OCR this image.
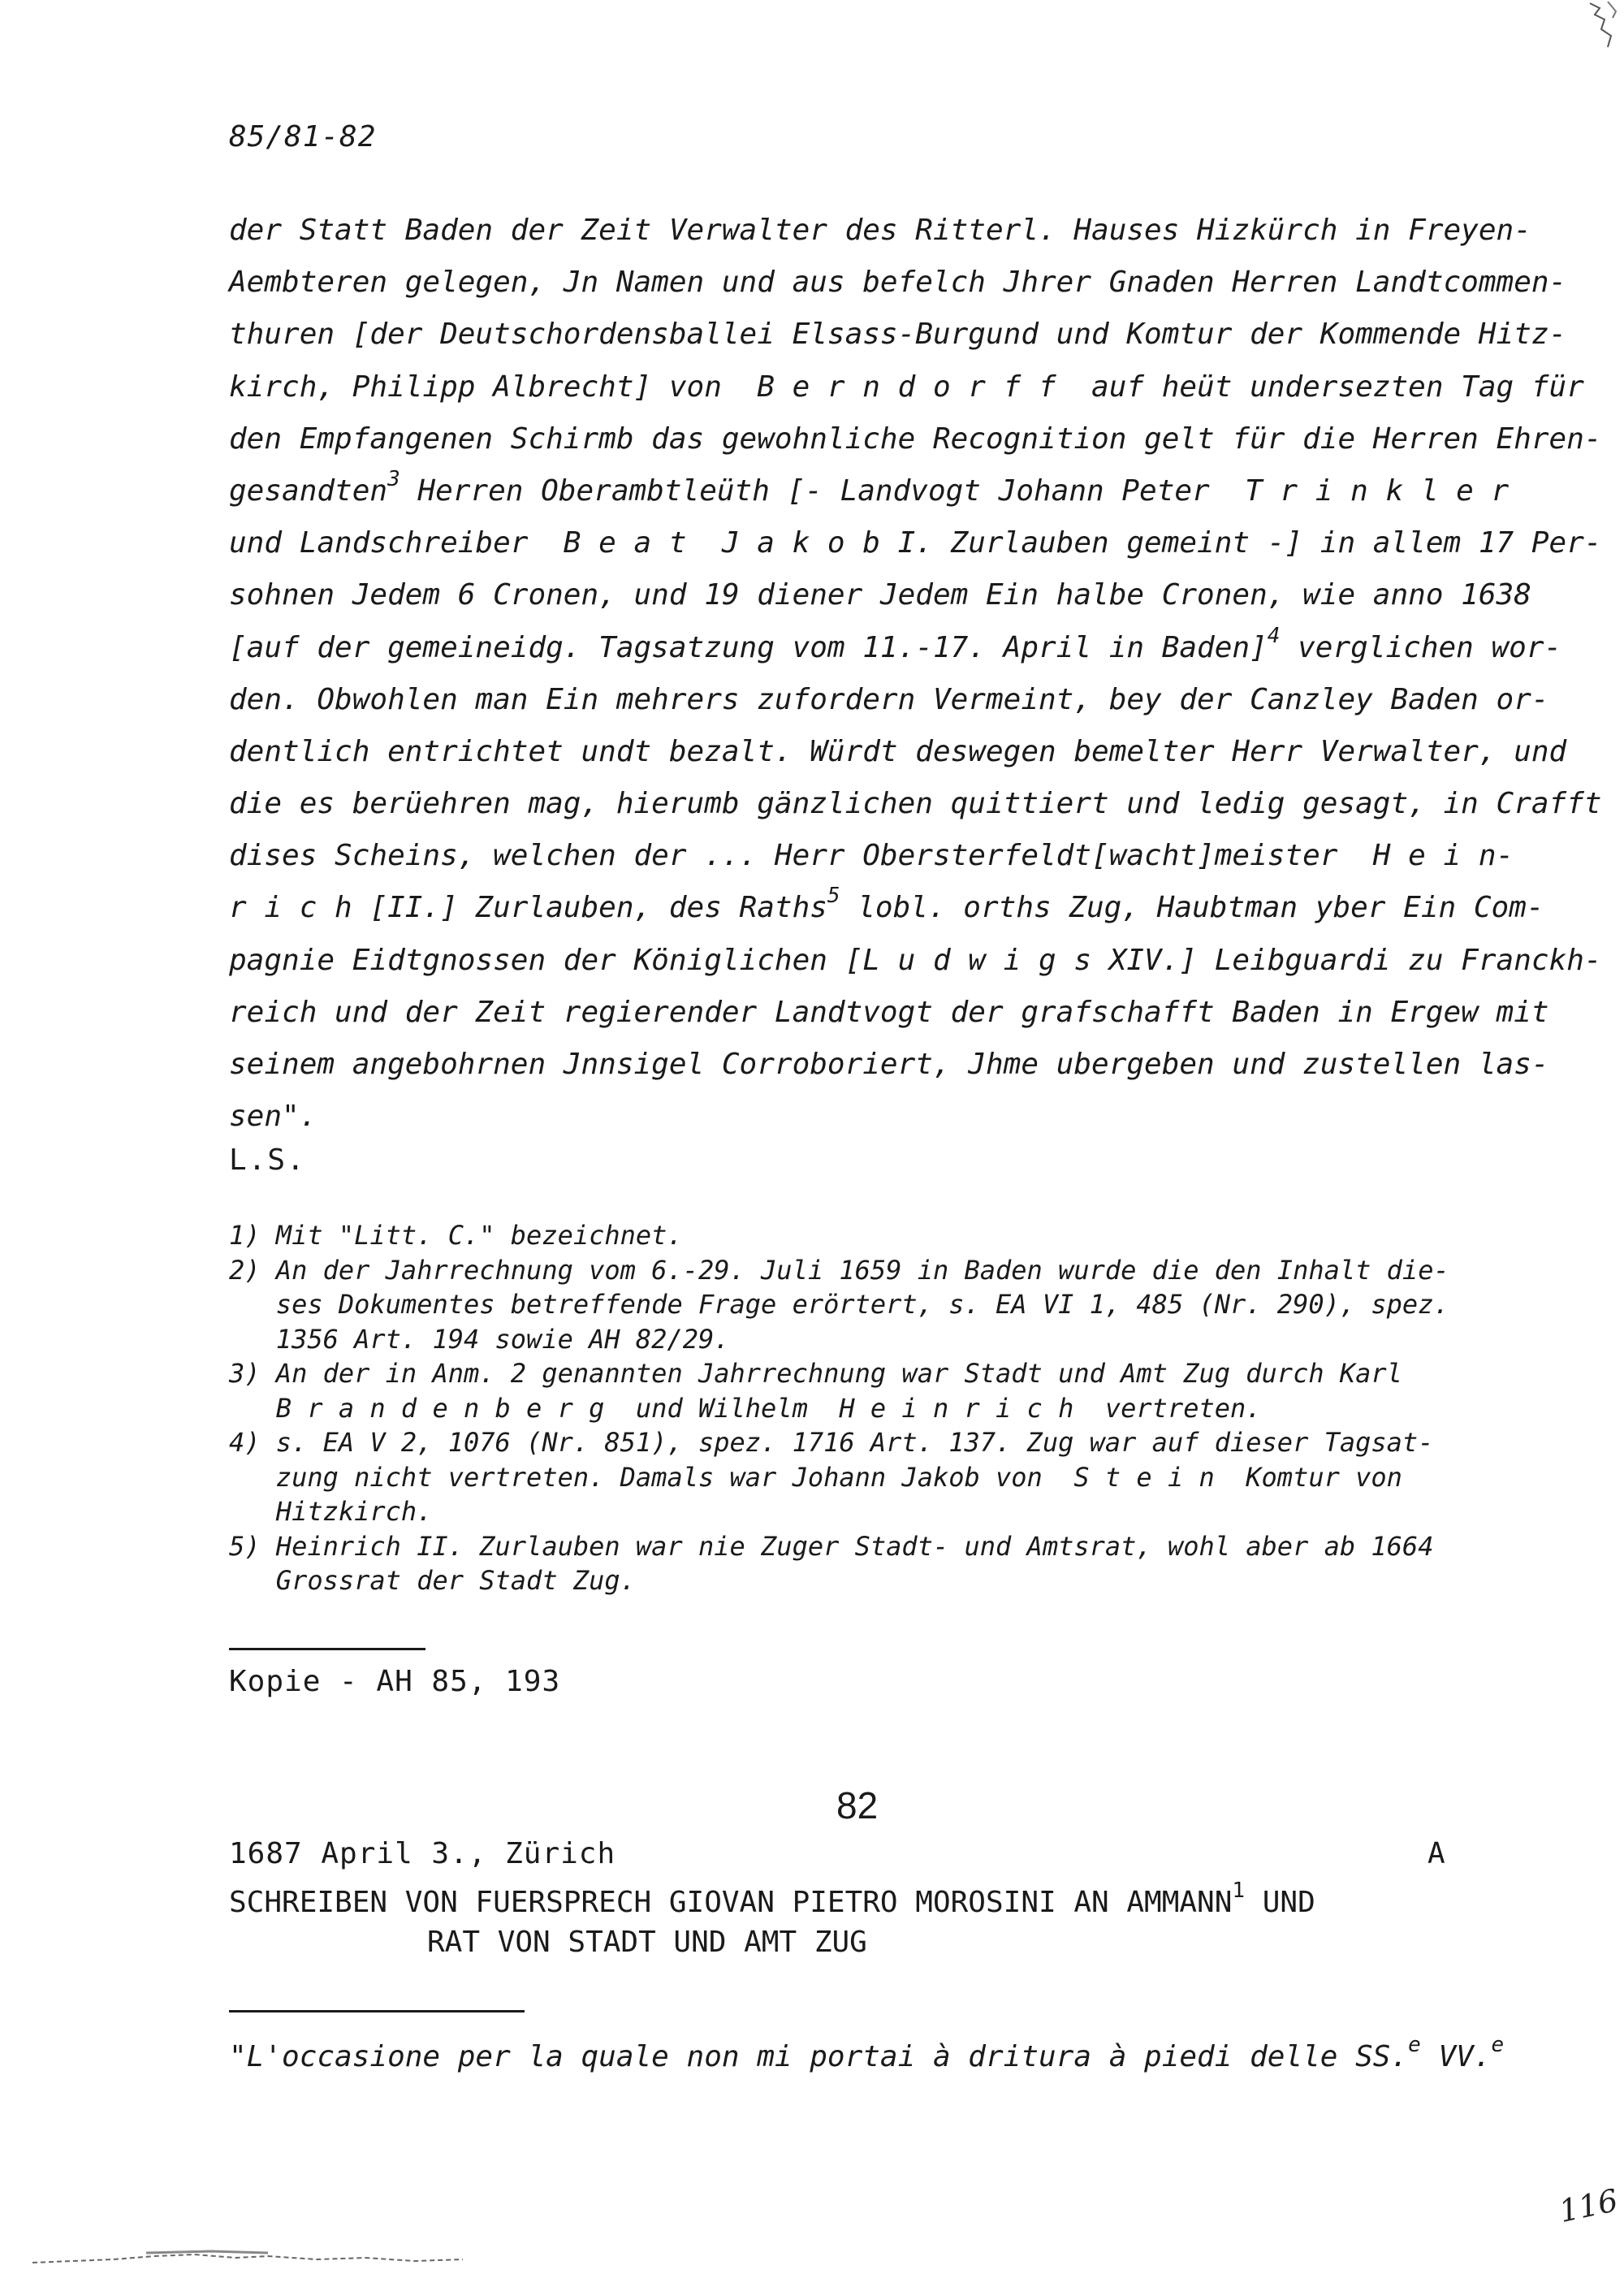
85/81-82
der Statt Baden der Zeit Verwalter des Ritterl. Hauses Hizkürch in Freyen-
Aembteren gelegen, Jn Namen und aus befelch Jhrer Gnaden Herren Landtcommen-
thuren [der Deutschordensballei Elsass-Burgund und Komtur der Kommende Hitz-
kirch, Philipp Albrecht] von  B e r n d o r f f  auf heüt undersezten Tag für
den Empfangenen Schirmb das gewohnliche Recognition gelt für die Herren Ehren-
gesandten$^3$ Herren Oberambtleüth [- Landvogt Johann Peter  T r i n k l e r
und Landschreiber  B e a t  J a k o b I. Zurlauben gemeint -] in allem 17 Per-
sohnen Jedem 6 Cronen, und 19 diener Jedem Ein halbe Cronen, wie anno 1638
[auf der gemeineidg. Tagsatzung vom 11.-17. April in Baden]$^4$ verglichen wor-
den. Obwohlen man Ein mehrers zufordern Vermeint, bey der Canzley Baden or-
dentlich entrichtet undt bezalt. Würdt deswegen bemelter Herr Verwalter, und
die es berüehren mag, hierumb gänzlichen quittiert und ledig gesagt, in Crafft
dises Scheins, welchen der ... Herr Obersterfeldt[wacht]meister  H e i n-
r i c h [II.] Zurlauben, des Raths$^5$ lobl. orths Zug, Haubtman yber Ein Com-
pagnie Eidtgnossen der Königlichen [L u d w i g s XIV.] Leibguardi zu Franckh-
reich und der Zeit regierender Landtvogt der grafschafft Baden in Ergew mit
seinem angebohrnen Jnnsigel Corroboriert, Jhme ubergeben und zustellen las-
sen".
L.S.
1) Mit "Litt. C." bezeichnet.
2) An der Jahrrechnung vom 6.-29. Juli 1659 in Baden wurde die den Inhalt die-
ses Dokumentes betreffende Frage erörtert, s. EA VI 1, 485 (Nr. 290), spez.
1356 Art. 194 sowie AH 82/29.
3) An der in Anm. 2 genannten Jahrrechnung war Stadt und Amt Zug durch Karl
B r a n d e n b e r g  und Wilhelm  H e i n r i c h  vertreten.
4) s. EA V 2, 1076 (Nr. 851), spez. 1716 Art. 137. Zug war auf dieser Tagsat-
zung nicht vertreten. Damals war Johann Jakob von  S t e i n  Komtur von
Hitzkirch.
5) Heinrich II. Zurlauben war nie Zuger Stadt- und Amtsrat, wohl aber ab 1664
Grossrat der Stadt Zug.
Kopie - AH 85, 193
82
1687 April 3., Zürich	A
SCHREIBEN VON FUERSPRECH GIOVAN PIETRO MOROSINI AN AMMANN$^1$ UND
RAT VON STADT UND AMT ZUG
"L'occasione per la quale non mi portai à dritura à piedi delle SS.$^e$ VV.$^e$
116
